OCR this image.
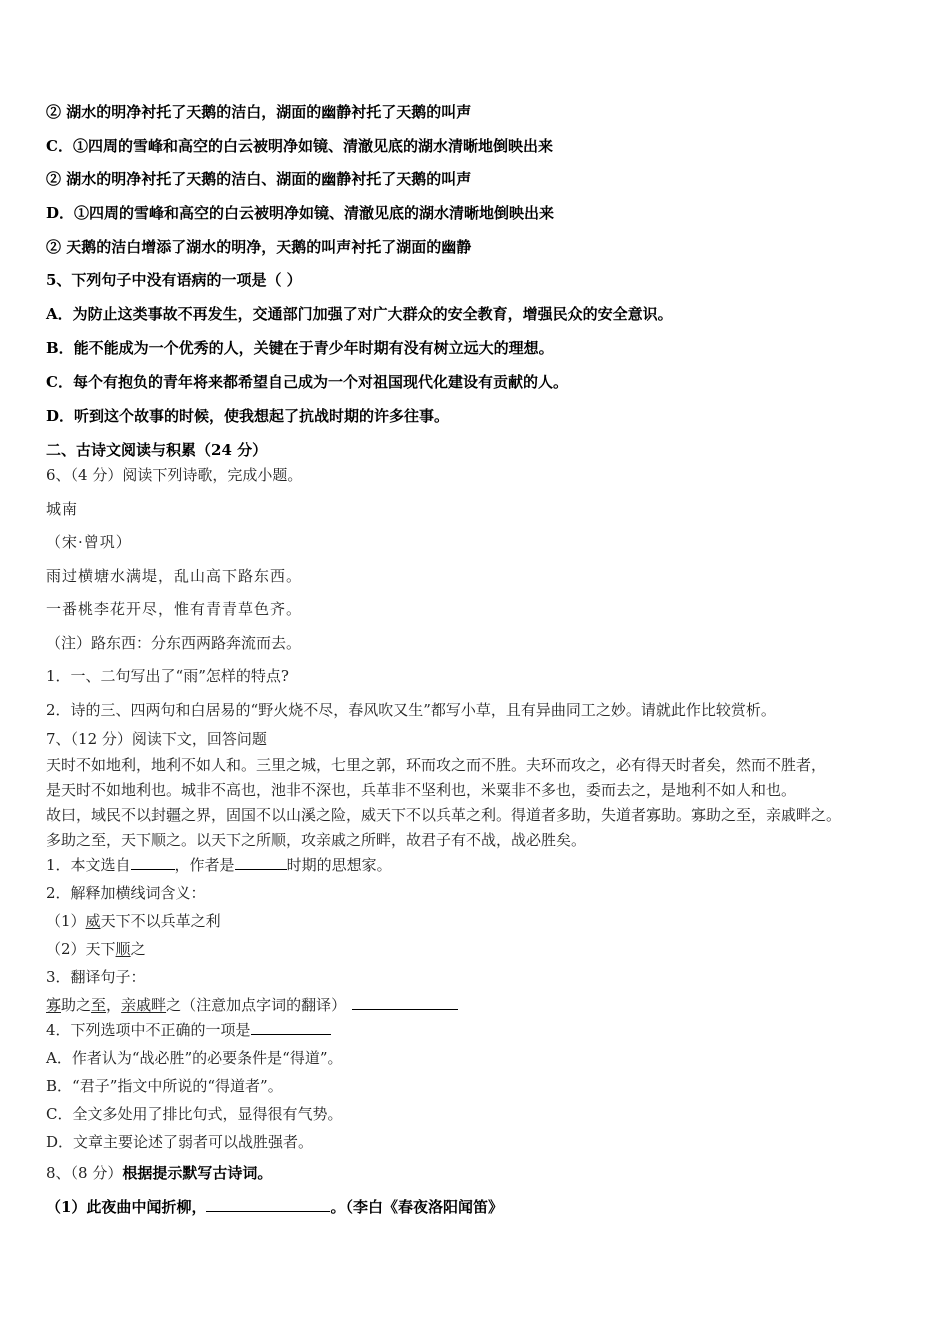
② 湖水的明净衬托了天鹅的洁白，湖面的幽静衬托了天鹅的叫声
C．①四周的雪峰和高空的白云被明净如镜、清澈见底的湖水清晰地倒映出来
② 湖水的明净衬托了天鹅的洁白、湖面的幽静衬托了天鹅的叫声
D．①四周的雪峰和高空的白云被明净如镜、清澈见底的湖水清晰地倒映出来
② 天鹅的洁白增添了湖水的明净，天鹅的叫声衬托了湖面的幽静
5、下列句子中没有语病的一项是（ ）
A．为防止这类事故不再发生，交通部门加强了对广大群众的安全教育，增强民众的安全意识。
B．能不能成为一个优秀的人，关键在于青少年时期有没有树立远大的理想。
C．每个有抱负的青年将来都希望自己成为一个对祖国现代化建设有贡献的人。
D．听到这个故事的时候，使我想起了抗战时期的许多往事。
二、古诗文阅读与积累（24 分）
6、（4 分）阅读下列诗歌，完成小题。
城南
（宋·曾巩）
雨过横塘水满堤，乱山高下路东西。
一番桃李花开尽，惟有青青草色齐。
（注）路东西：分东西两路奔流而去。
1．一、二句写出了“雨”怎样的特点?
2．诗的三、四两句和白居易的“野火烧不尽，春风吹又生”都写小草，且有异曲同工之妙。请就此作比较赏析。
7、（12 分）阅读下文，回答问题
天时不如地利，地利不如人和。三里之城，七里之郭，环而攻之而不胜。夫环而攻之，必有得天时者矣，然而不胜者，
是天时不如地利也。城非不高也，池非不深也，兵革非不坚利也，米粟非不多也，委而去之，是地利不如人和也。
故曰，域民不以封疆之界，固国不以山溪之险，威天下不以兵革之利。得道者多助，失道者寡助。寡助之至，亲戚畔之。
多助之至，天下顺之。以天下之所顺，攻亲戚之所畔，故君子有不战，战必胜矣。
1．本文选自	，作者是	时期的思想家。
2．解释加横线词含义：
（1）威天下不以兵革之利
（2）天下顺之
3．翻译句子：
寡助之至，亲戚畔之（注意加点字词的翻译）
4．下列选项中不正确的一项是
A．作者认为“战必胜”的必要条件是“得道”。
B．“君子”指文中所说的“得道者”。
C．全文多处用了排比句式，显得很有气势。
D．文章主要论述了弱者可以战胜强者。
8、（8 分）根据提示默写古诗词。
（1）此夜曲中闻折柳，	。（李白《春夜洛阳闻笛》
